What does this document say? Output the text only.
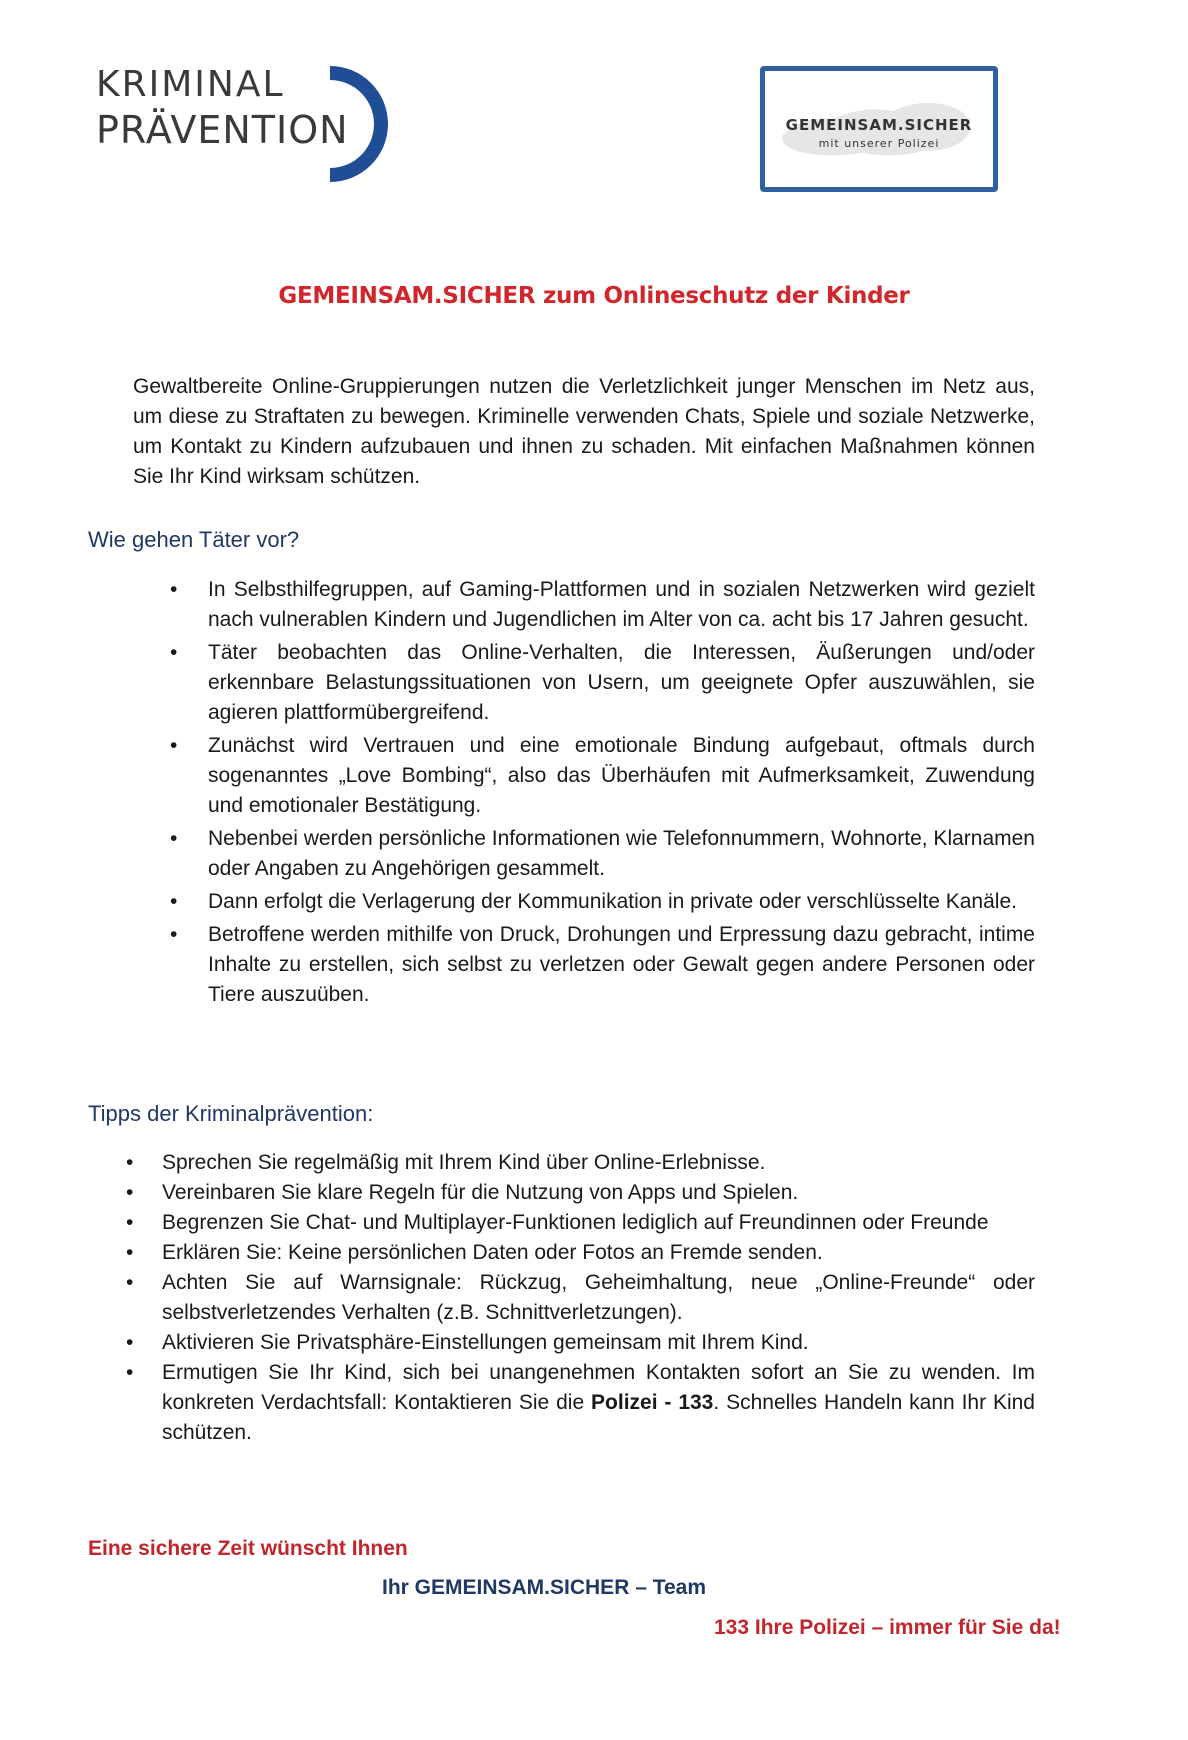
KRIMINAL
PRÄVENTION	GEMEINSAM.SICHER
mit unserer Polizei
GEMEINSAM.SICHER zum Onlineschutz der Kinder
Gewaltbereite Online-Gruppierungen nutzen die Verletzlichkeit junger Menschen im Netz aus, um diese zu Straftaten zu bewegen. Kriminelle verwenden Chats, Spiele und soziale Netzwerke, um Kontakt zu Kindern aufzubauen und ihnen zu schaden. Mit einfachen Maßnahmen können Sie Ihr Kind wirksam schützen.
Wie gehen Täter vor?
• In Selbsthilfegruppen, auf Gaming-Plattformen und in sozialen Netzwerken wird gezielt nach vulnerablen Kindern und Jugendlichen im Alter von ca. acht bis 17 Jahren gesucht.
• Täter beobachten das Online-Verhalten, die Interessen, Äußerungen und/oder erkennbare Belastungssituationen von Usern, um geeignete Opfer auszuwählen, sie agieren plattformübergreifend.
• Zunächst wird Vertrauen und eine emotionale Bindung aufgebaut, oftmals durch sogenanntes „Love Bombing“, also das Überhäufen mit Aufmerksamkeit, Zuwendung und emotionaler Bestätigung.
• Nebenbei werden persönliche Informationen wie Telefonnummern, Wohnorte, Klarnamen oder Angaben zu Angehörigen gesammelt.
• Dann erfolgt die Verlagerung der Kommunikation in private oder verschlüsselte Kanäle.
• Betroffene werden mithilfe von Druck, Drohungen und Erpressung dazu gebracht, intime Inhalte zu erstellen, sich selbst zu verletzen oder Gewalt gegen andere Personen oder Tiere auszuüben.
Tipps der Kriminalprävention:
• Sprechen Sie regelmäßig mit Ihrem Kind über Online-Erlebnisse.
• Vereinbaren Sie klare Regeln für die Nutzung von Apps und Spielen.
• Begrenzen Sie Chat- und Multiplayer-Funktionen lediglich auf Freundinnen oder Freunde
• Erklären Sie: Keine persönlichen Daten oder Fotos an Fremde senden.
• Achten Sie auf Warnsignale: Rückzug, Geheimhaltung, neue „Online-Freunde“ oder selbstverletzendes Verhalten (z.B. Schnittverletzungen).
• Aktivieren Sie Privatsphäre-Einstellungen gemeinsam mit Ihrem Kind.
• Ermutigen Sie Ihr Kind, sich bei unangenehmen Kontakten sofort an Sie zu wenden. Im konkreten Verdachtsfall: Kontaktieren Sie die Polizei - 133. Schnelles Handeln kann Ihr Kind schützen.
Eine sichere Zeit wünscht Ihnen
Ihr GEMEINSAM.SICHER – Team
133 Ihre Polizei – immer für Sie da!
